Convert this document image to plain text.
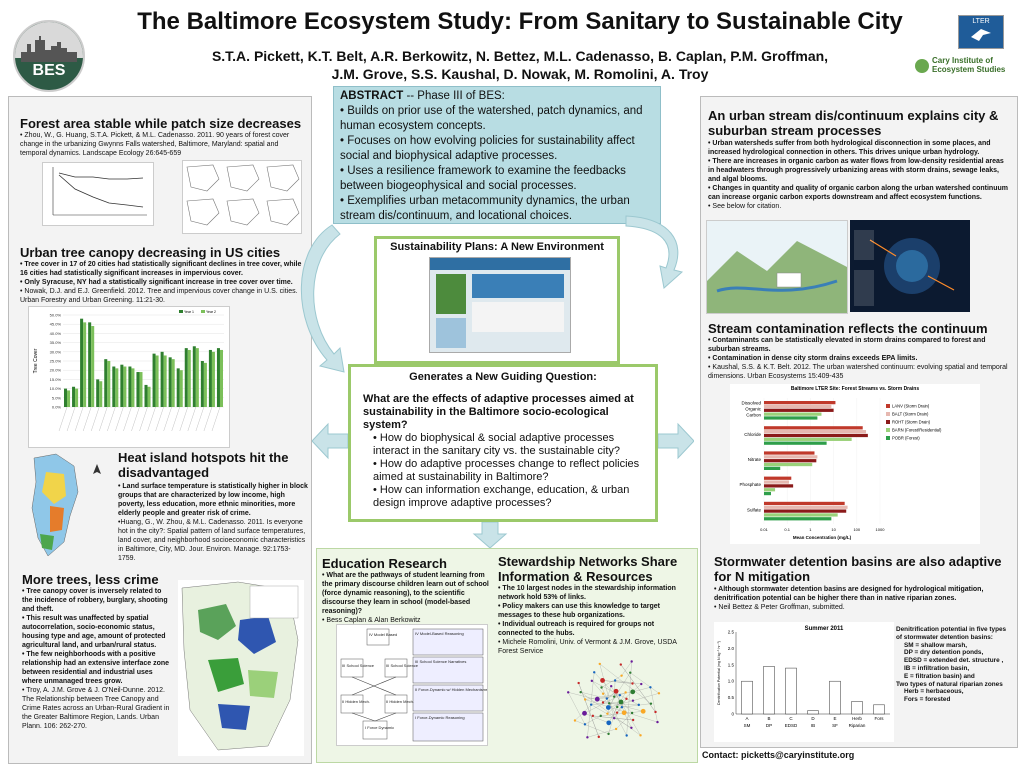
BES
The Baltimore Ecosystem Study: From Sanitary to Sustainable City
S.T.A. Pickett, K.T. Belt, A.R. Berkowitz, N. Bettez, M.L. Cadenasso, B. Caplan, P.M. Groffman,
J.M. Grove, S.S. Kaushal, D. Nowak, M. Romolini, A. Troy
LTER
Cary Institute of Ecosystem Studies
Forest area stable while patch size decreases
• Zhou, W., G. Huang, S.T.A. Pickett, & M.L. Cadenasso. 2011. 90 years of forest cover change in the urbanizing Gwynns Falls watershed, Baltimore, Maryland: spatial and temporal dynamics. Landscape Ecology 26:645-659
Urban tree canopy decreasing in US cities

• Tree cover in 17 of 20 cities had statistically significant declines in tree cover, while 16 cities had statistically significant increases in impervious cover.

• Only Syracuse, NY had a statistically significant increase in tree cover over time.

• Nowak, D.J. and E.J. Greenfield. 2012. Tree and impervious cover change in U.S. cities. Urban Forestry and Urban Greening. 11:21-30.

0.0%
5.0%
10.0%
15.0%
20.0%
25.0%
30.0%
35.0%
40.0%
45.0%
50.0%
Tree Cover
Year 1	Year 2
Heat island hotspots hit the disadvantaged

• Land surface temperature is statistically higher in block groups that are characterized by low income, high poverty, less education, more ethnic minorities, more elderly people and greater risk of crime.

•Huang, G., W. Zhou, & M.L. Cadenasso. 2011. Is everyone hot in the city?: Spatial pattern of land surface temperatures, land cover, and neighborhood socioeconomic characteristics in Baltimore, City, MD. Jour. Environ. Manage. 92:1753-1759.

More trees, less crime

• Tree canopy cover is inversely related to the incidence of robbery, burglary, shooting and theft.

• This result was unaffected by spatial autocorrelation, socio-economic status, housing type and age, amount of protected agricultural land, and urban/rural status.

• The few neighborhoods with a positive relationship had an extensive interface zone between residential and industrial uses where unmanaged trees grow.

• Troy, A. J.M. Grove & J. O'Neil-Dunne. 2012. The Relationship between Tree Canopy and Crime Rates across an Urban-Rural Gradient in the Greater Baltimore Region, Lands. Urban Plann. 106: 262-270.

ABSTRACT -- Phase III of BES:

• Builds on prior use of the watershed, patch dynamics, and human ecosystem concepts.

• Focuses on how evolving policies for sustainability affect social and biophysical adaptive processes.

• Uses a resilience framework to examine the feedbacks between biogeophysical and social processes.

• Exemplifies urban metacommunity dynamics, the urban stream dis/continuum, and locational choices.

Sustainability Plans: A New Environment
Generates a New Guiding Question:
What are the effects of adaptive processes aimed at sustainability in the Baltimore socio-ecological system?
• How do biophysical & social adaptive processes interact in the sanitary city vs. the sustainable city?
• How do adaptive processes change to reflect policies aimed at sustainability in Baltimore?
• How can information exchange, education, & urban design improve adaptive processes?
Education Research

• What are the pathways of student learning from the primary discourse children learn out of school (force dynamic reasoning), to the scientific discourse they learn in school (model-based reasoning)?

• Bess Caplan & Alan Berkowitz

IV Model Based
III School Science	III School Science
II Hidden Mech.	II Hidden Mech.
I Force Dynamic
IV Model-Based Reasoning
III School Science Narratives
II Force-Dynamic w/ Hidden Mechanisms
I Force-Dynamic Reasoning
Stewardship Networks Share Information & Resources

• The 10 largest nodes in the stewardship information network hold 53% of links.

• Policy makers can use this knowledge to target messages to these hub organizations.

• Individual outreach is required for groups not connected to the hubs.

• Michele Romolini, Univ. of Vermont & J.M. Grove, USDA Forest Service

An urban stream dis/continuum explains city & suburban stream processes

• Urban watersheds suffer from both hydrological disconnection in some places, and increased hydrological connection in others. This drives unique urban hydrology.

• There are increases in organic carbon as water flows from low-density residential areas in headwaters through progressively urbanizing areas with storm drains, sewage leaks, and algal blooms.

• Changes in quantity and quality of organic carbon along the urban watershed continuum can increase organic carbon exports downstream and affect ecosystem functions.

• See below for citation.

Stream contamination reflects the continuum

• Contaminants can be statistically elevated in storm drains compared to forest and suburban streams.

• Contamination in dense city storm drains exceeds EPA limits.

• Kaushal, S.S. & K.T. Belt. 2012. The urban watershed continuum: evolving spatial and temporal dimensions. Urban Ecosystems 15:409-435

Baltimore LTER Site: Forest Streams vs. Storm Drains
0.01	0.1	1	10	100	1000
Mean Concentration (mg/L)
Dissolved
Organic
Carbon
Chloride
Nitrate
Phosphate
Sulfate
LANV (Storm Drain)
BALT (Storm Drain)
ROHT (Storm Drain)
BARN (Forest/Residential)
POBR (Forest)
Stormwater detention basins are also adaptive for N mitigation

• Although stormwater detention basins are designed for hydrological mitigation, denitrification potential can be higher there than in native riparian zones.

• Neil Bettez & Peter Groffman, submitted.

Summer 2011
0
0.5
1.0
1.5
2.0
2.5
Denitrification Potential (mg N kg⁻¹ hr⁻¹)
A
SM
B
DP
C
EDSD
D
IB
E
SF
Herb	Fors
Riparian
Denitrification potential in five types
of stormwater detention basins:
SM = shallow marsh,
DP = dry detention ponds,
EDSD = extended det. structure ,
IB = infiltration basin,
E = filtration basin) and
Two types of natural riparian zones
Herb = herbaceous,
Fors = forested
Contact: picketts@caryinstitute.org
